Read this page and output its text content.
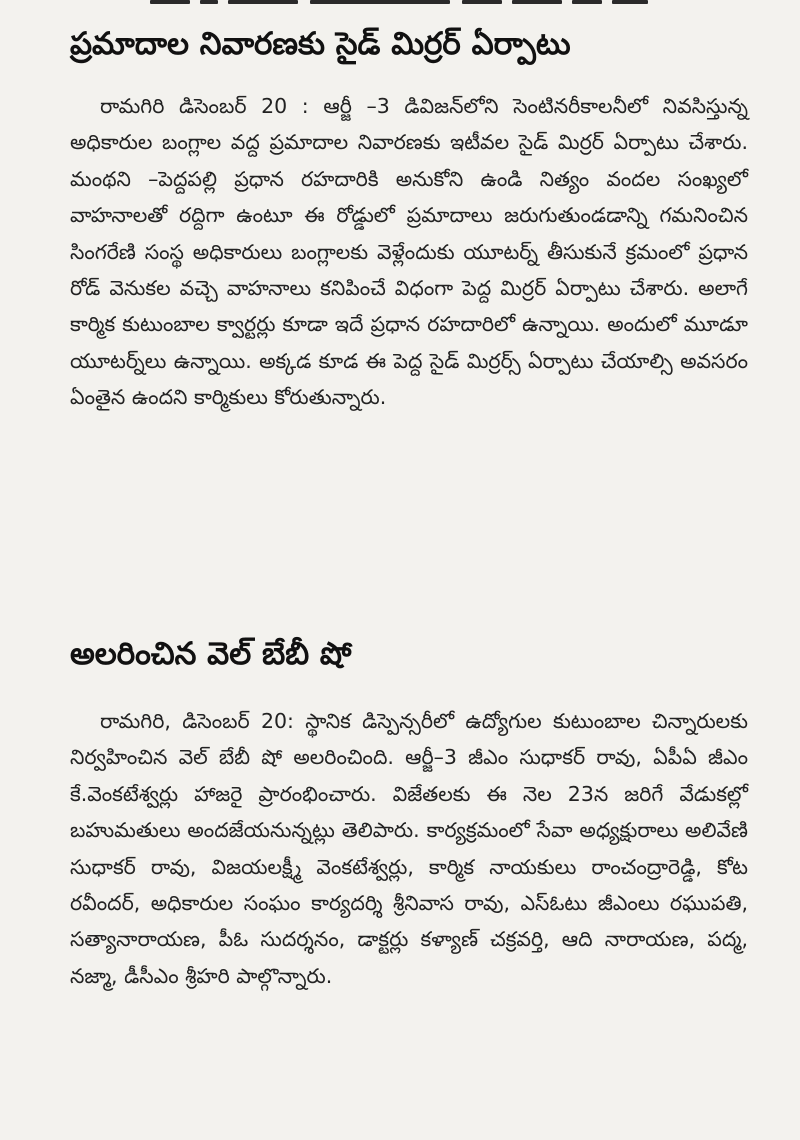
ప్రమాదాల నివారణకు సైడ్ మిర్రర్ ఏర్పాటు

రామగిరి డిసెంబర్ 20 : ఆర్జీ –3 డివిజన్‌లోని సెంటినరీకాలనీలో నివసిస్తున్న అధికారుల బంగ్లాల వద్ద ప్రమాదాల నివారణకు ఇటీవల సైడ్ మిర్రర్ ఏర్పాటు చేశారు. మంథని –పెద్దపల్లి ప్రధాన రహదారికి అనుకోని ఉండి నిత్యం వందల సంఖ్యలో వాహనాలతో రద్దిగా ఉంటూ ఈ రోడ్డులో ప్రమాదాలు జరుగుతుండడాన్ని గమనించిన సింగరేణి సంస్థ అధికారులు బంగ్లాలకు వెళ్లేందుకు యూటర్న్ తీసుకునే క్రమంలో ప్రధాన రోడ్ వెనుకల వచ్చె వాహనాలు కనిపించే విధంగా పెద్ద మిర్రర్ ఏర్పాటు చేశారు. అలాగే కార్మిక కుటుంబాల క్వార్టర్లు కూడా ఇదే ప్రధాన రహదారిలో ఉన్నాయి. అందులో మూడూ యూటర్న్‌లు ఉన్నాయి. అక్కడ కూడ ఈ పెద్ద సైడ్ మిర్రర్స్ ఏర్పాటు చేయాల్సి అవసరం ఏంతైన ఉందని కార్మికులు కోరుతున్నారు.

అలరించిన వెల్ బేబీ షో

రామగిరి, డిసెంబర్ 20: స్థానిక డిస్పెన్సరీలో ఉద్యోగుల కుటుంబాల చిన్నారులకు నిర్వహించిన వెల్ బేబీ షో అలరించింది. ఆర్జీ–3 జీఎం సుధాకర్ రావు, ఏపీఏ జీఎం కే.వెంకటేశ్వర్లు హాజరై ప్రారంభించారు. విజేతలకు ఈ నెల 23న జరిగే వేడుకల్లో బహుమతులు అందజేయనున్నట్లు తెలిపారు. కార్యక్రమంలో సేవా అధ్యక్షురాలు అలివేణి సుధాకర్ రావు, విజయలక్ష్మీ వెంకటేశ్వర్లు, కార్మిక నాయకులు రాంచంద్రారెడ్డి, కోట రవీందర్, అధికారుల సంఘం కార్యదర్శి శ్రీనివాస రావు, ఎస్ఓటు జీఎంలు రఘుపతి, సత్యానారాయణ, పీఓ సుదర్శనం, డాక్టర్లు కళ్యాణ్ చక్రవర్తి, ఆది నారాయణ, పద్మ, నజ్మా, డీసీఎం శ్రీహరి పాల్గొన్నారు.
